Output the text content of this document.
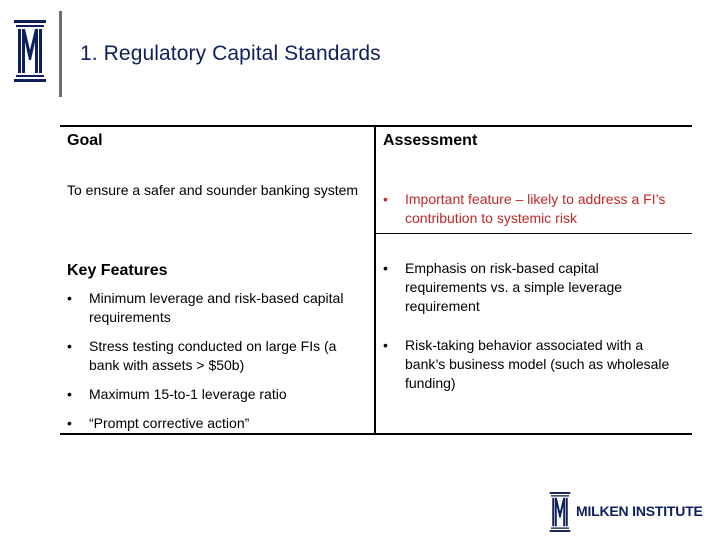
1. Regulatory Capital Standards
Goal	Assessment
To ensure a safer and sounder banking system
Key Features
• Minimum leverage and risk-based capital requirements
• Stress testing conducted on large FIs (a bank with assets > $50b)
• Maximum 15-to-1 leverage ratio
• “Prompt corrective action”
• Important feature – likely to address a FI’s contribution to systemic risk
• Emphasis on risk-based capital requirements vs. a simple leverage requirement
• Risk-taking behavior associated with a bank’s business model (such as wholesale funding)
MILKEN INSTITUTE
